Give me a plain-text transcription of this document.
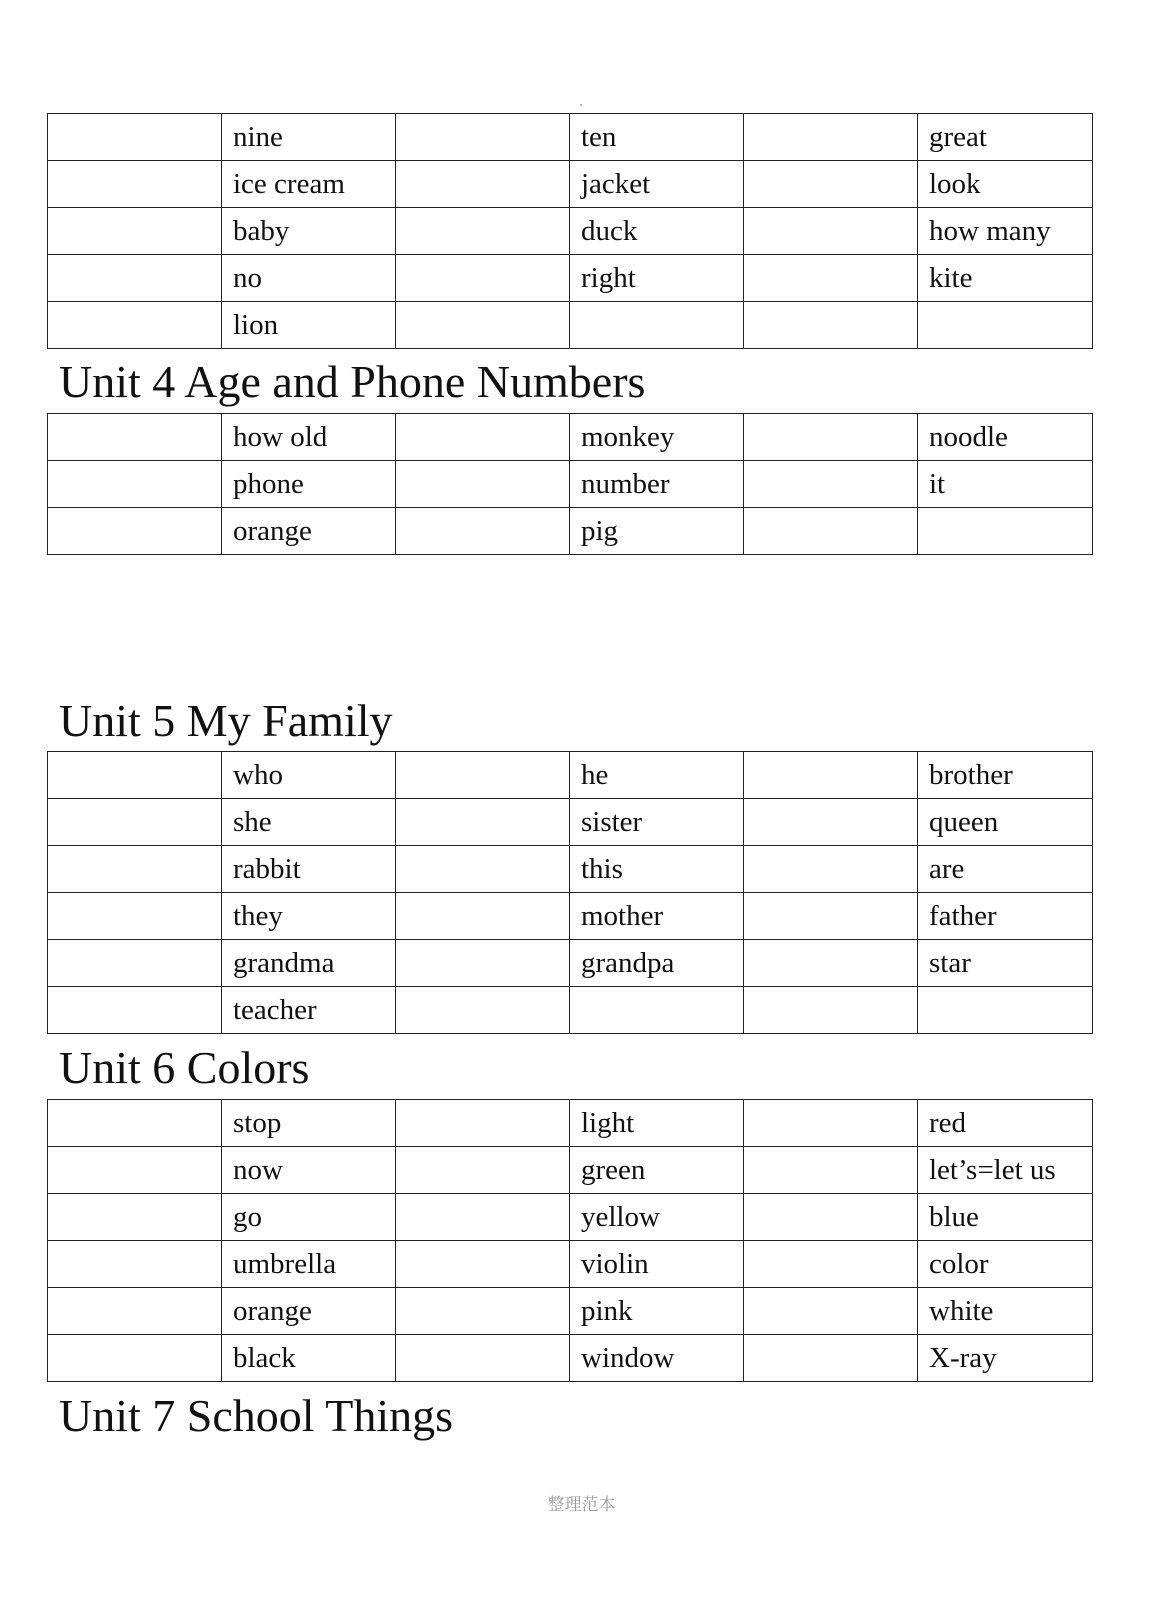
	nine		ten		great
	ice cream		jacket		look
	baby		duck		how many
	no		right		kite
	lion				
Unit 4 Age and Phone Numbers
	how old		monkey		noodle
	phone		number		it
	orange		pig		
Unit 5 My Family
	who		he		brother
	she		sister		queen
	rabbit		this		are
	they		mother		father
	grandma		grandpa		star
	teacher				
Unit 6 Colors
	stop		light		red
	now		green		let’s=let us
	go		yellow		blue
	umbrella		violin		color
	orange		pink		white
	black		window		X-ray
Unit 7 School Things
整理范本
